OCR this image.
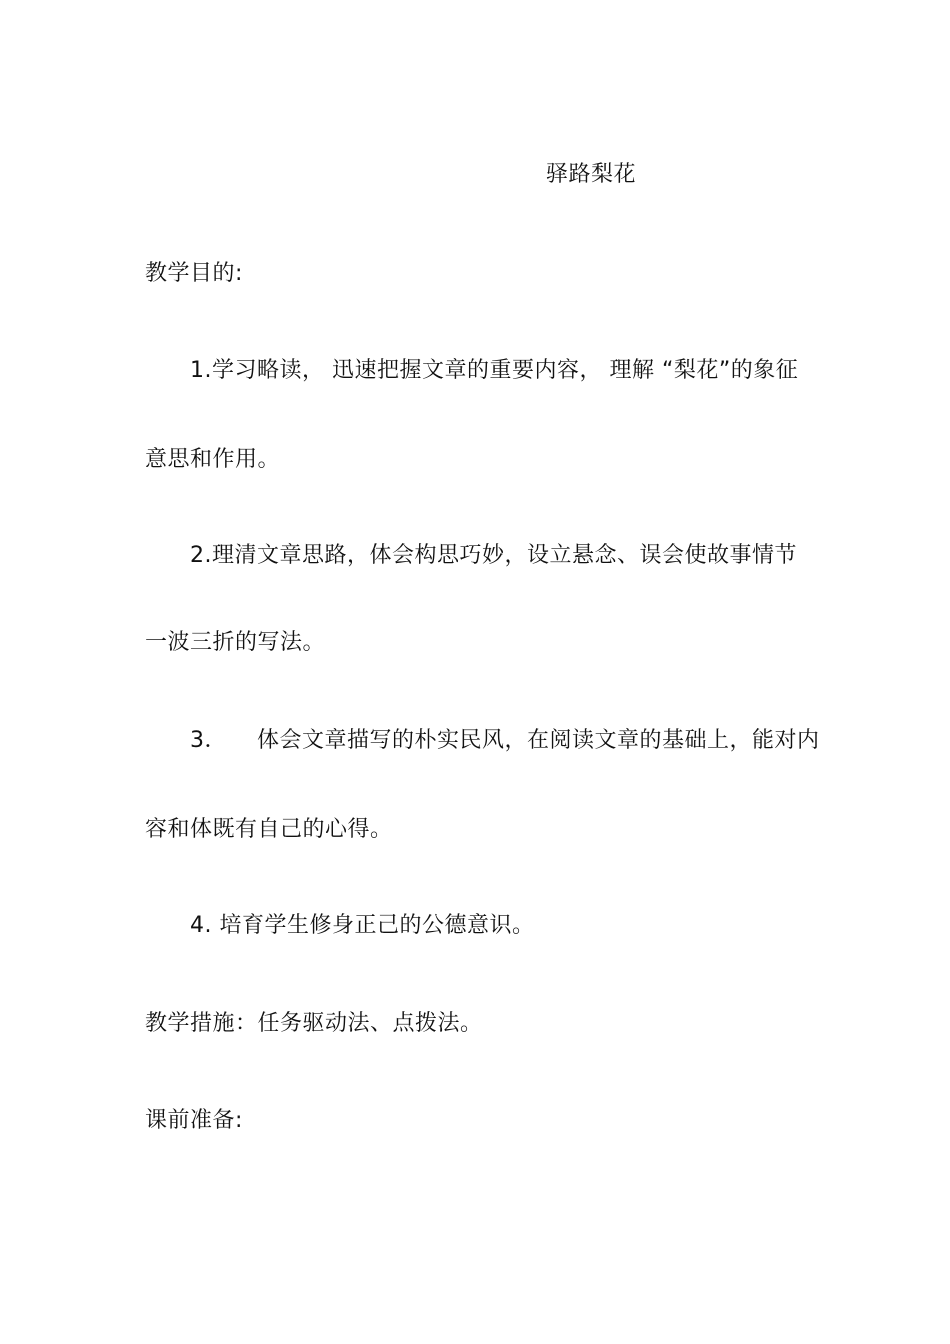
驿路梨花
教学目的:
1.学习略读， 迅速把握文章的重要内容， 理解 “梨花”的象征
意思和作用。
2.理清文章思路，体会构思巧妙，设立悬念、误会使故事情节
一波三折的写法。
3．    体会文章描写的朴实民风，在阅读文章的基础上，能对内
容和体既有自己的心得。
4. 培育学生修身正己的公德意识。
教学措施：任务驱动法、点拨法。
课前准备:
